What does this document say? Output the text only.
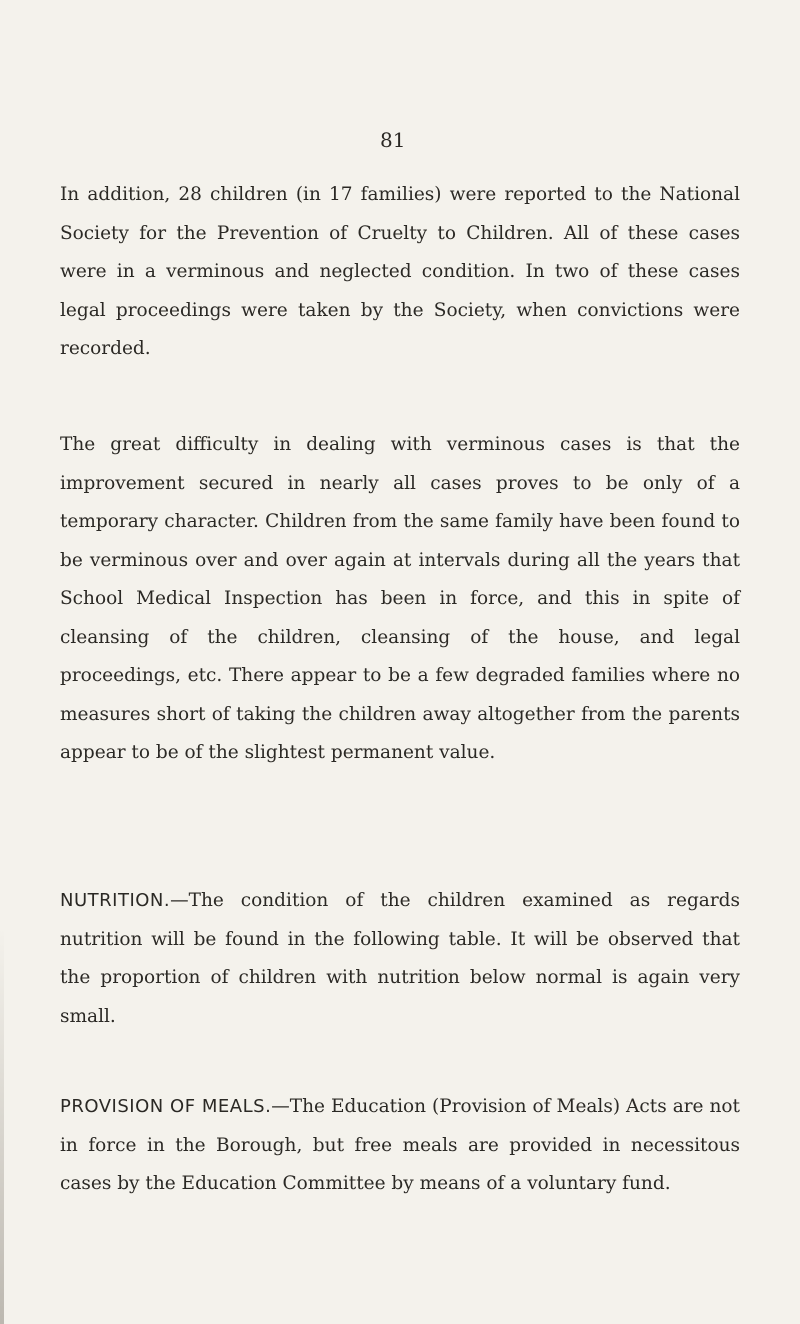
81

In addition, 28 children (in 17 families) were reported to the National Society for the Prevention of Cruelty to Children. All of these cases were in a verminous and neglected condition. In two of these cases legal proceedings were taken by the Society, when convictions were recorded.

The great difficulty in dealing with verminous cases is that the improvement secured in nearly all cases proves to be only of a temporary character. Children from the same family have been found to be verminous over and over again at intervals during all the years that School Medical Inspection has been in force, and this in spite of cleansing of the children, cleansing of the house, and legal proceedings, etc. There appear to be a few degraded families where no measures short of taking the children away altogether from the parents appear to be of the slightest permanent value.

NUTRITION.—The condition of the children examined as regards nutrition will be found in the following table. It will be observed that the proportion of children with nutrition below normal is again very small.

PROVISION OF MEALS.—The Education (Provision of Meals) Acts are not in force in the Borough, but free meals are provided in necessitous cases by the Education Committee by means of a voluntary fund.
